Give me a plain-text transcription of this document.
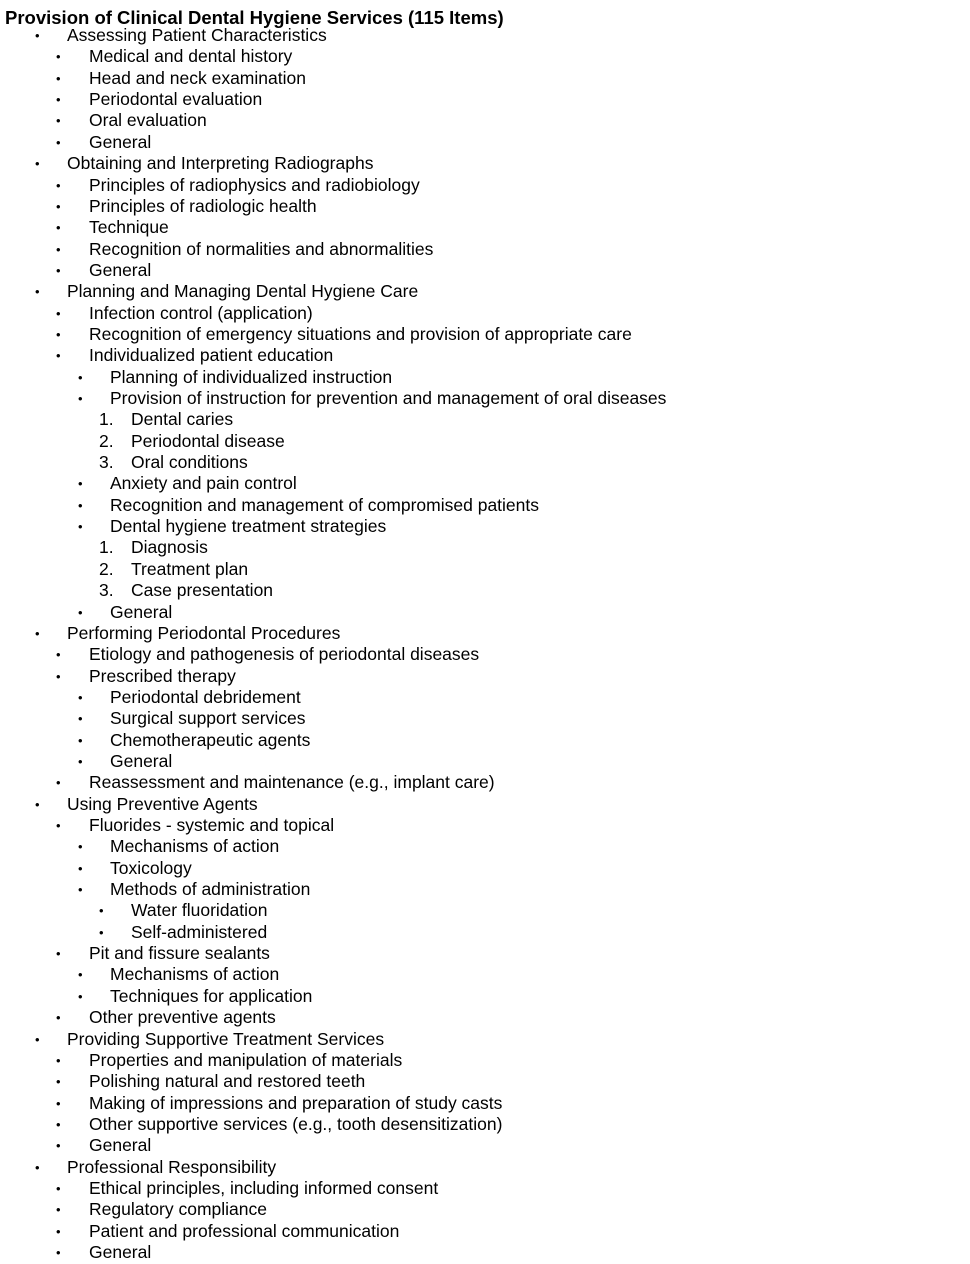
Provision of Clinical Dental Hygiene Services (115 Items)
• Assessing Patient Characteristics
• Medical and dental history
• Head and neck examination
• Periodontal evaluation
• Oral evaluation
• General
• Obtaining and Interpreting Radiographs
• Principles of radiophysics and radiobiology
• Principles of radiologic health
• Technique
• Recognition of normalities and abnormalities
• General
• Planning and Managing Dental Hygiene Care
• Infection control (application)
• Recognition of emergency situations and provision of appropriate care
• Individualized patient education
• Planning of individualized instruction
• Provision of instruction for prevention and management of oral diseases
1. Dental caries
2. Periodontal disease
3. Oral conditions
• Anxiety and pain control
• Recognition and management of compromised patients
• Dental hygiene treatment strategies
1. Diagnosis
2. Treatment plan
3. Case presentation
• General
• Performing Periodontal Procedures
• Etiology and pathogenesis of periodontal diseases
• Prescribed therapy
• Periodontal debridement
• Surgical support services
• Chemotherapeutic agents
• General
• Reassessment and maintenance (e.g., implant care)
• Using Preventive Agents
• Fluorides - systemic and topical
• Mechanisms of action
• Toxicology
• Methods of administration
• Water fluoridation
• Self-administered
• Pit and fissure sealants
• Mechanisms of action
• Techniques for application
• Other preventive agents
• Providing Supportive Treatment Services
• Properties and manipulation of materials
• Polishing natural and restored teeth
• Making of impressions and preparation of study casts
• Other supportive services (e.g., tooth desensitization)
• General
• Professional Responsibility
• Ethical principles, including informed consent
• Regulatory compliance
• Patient and professional communication
• General
